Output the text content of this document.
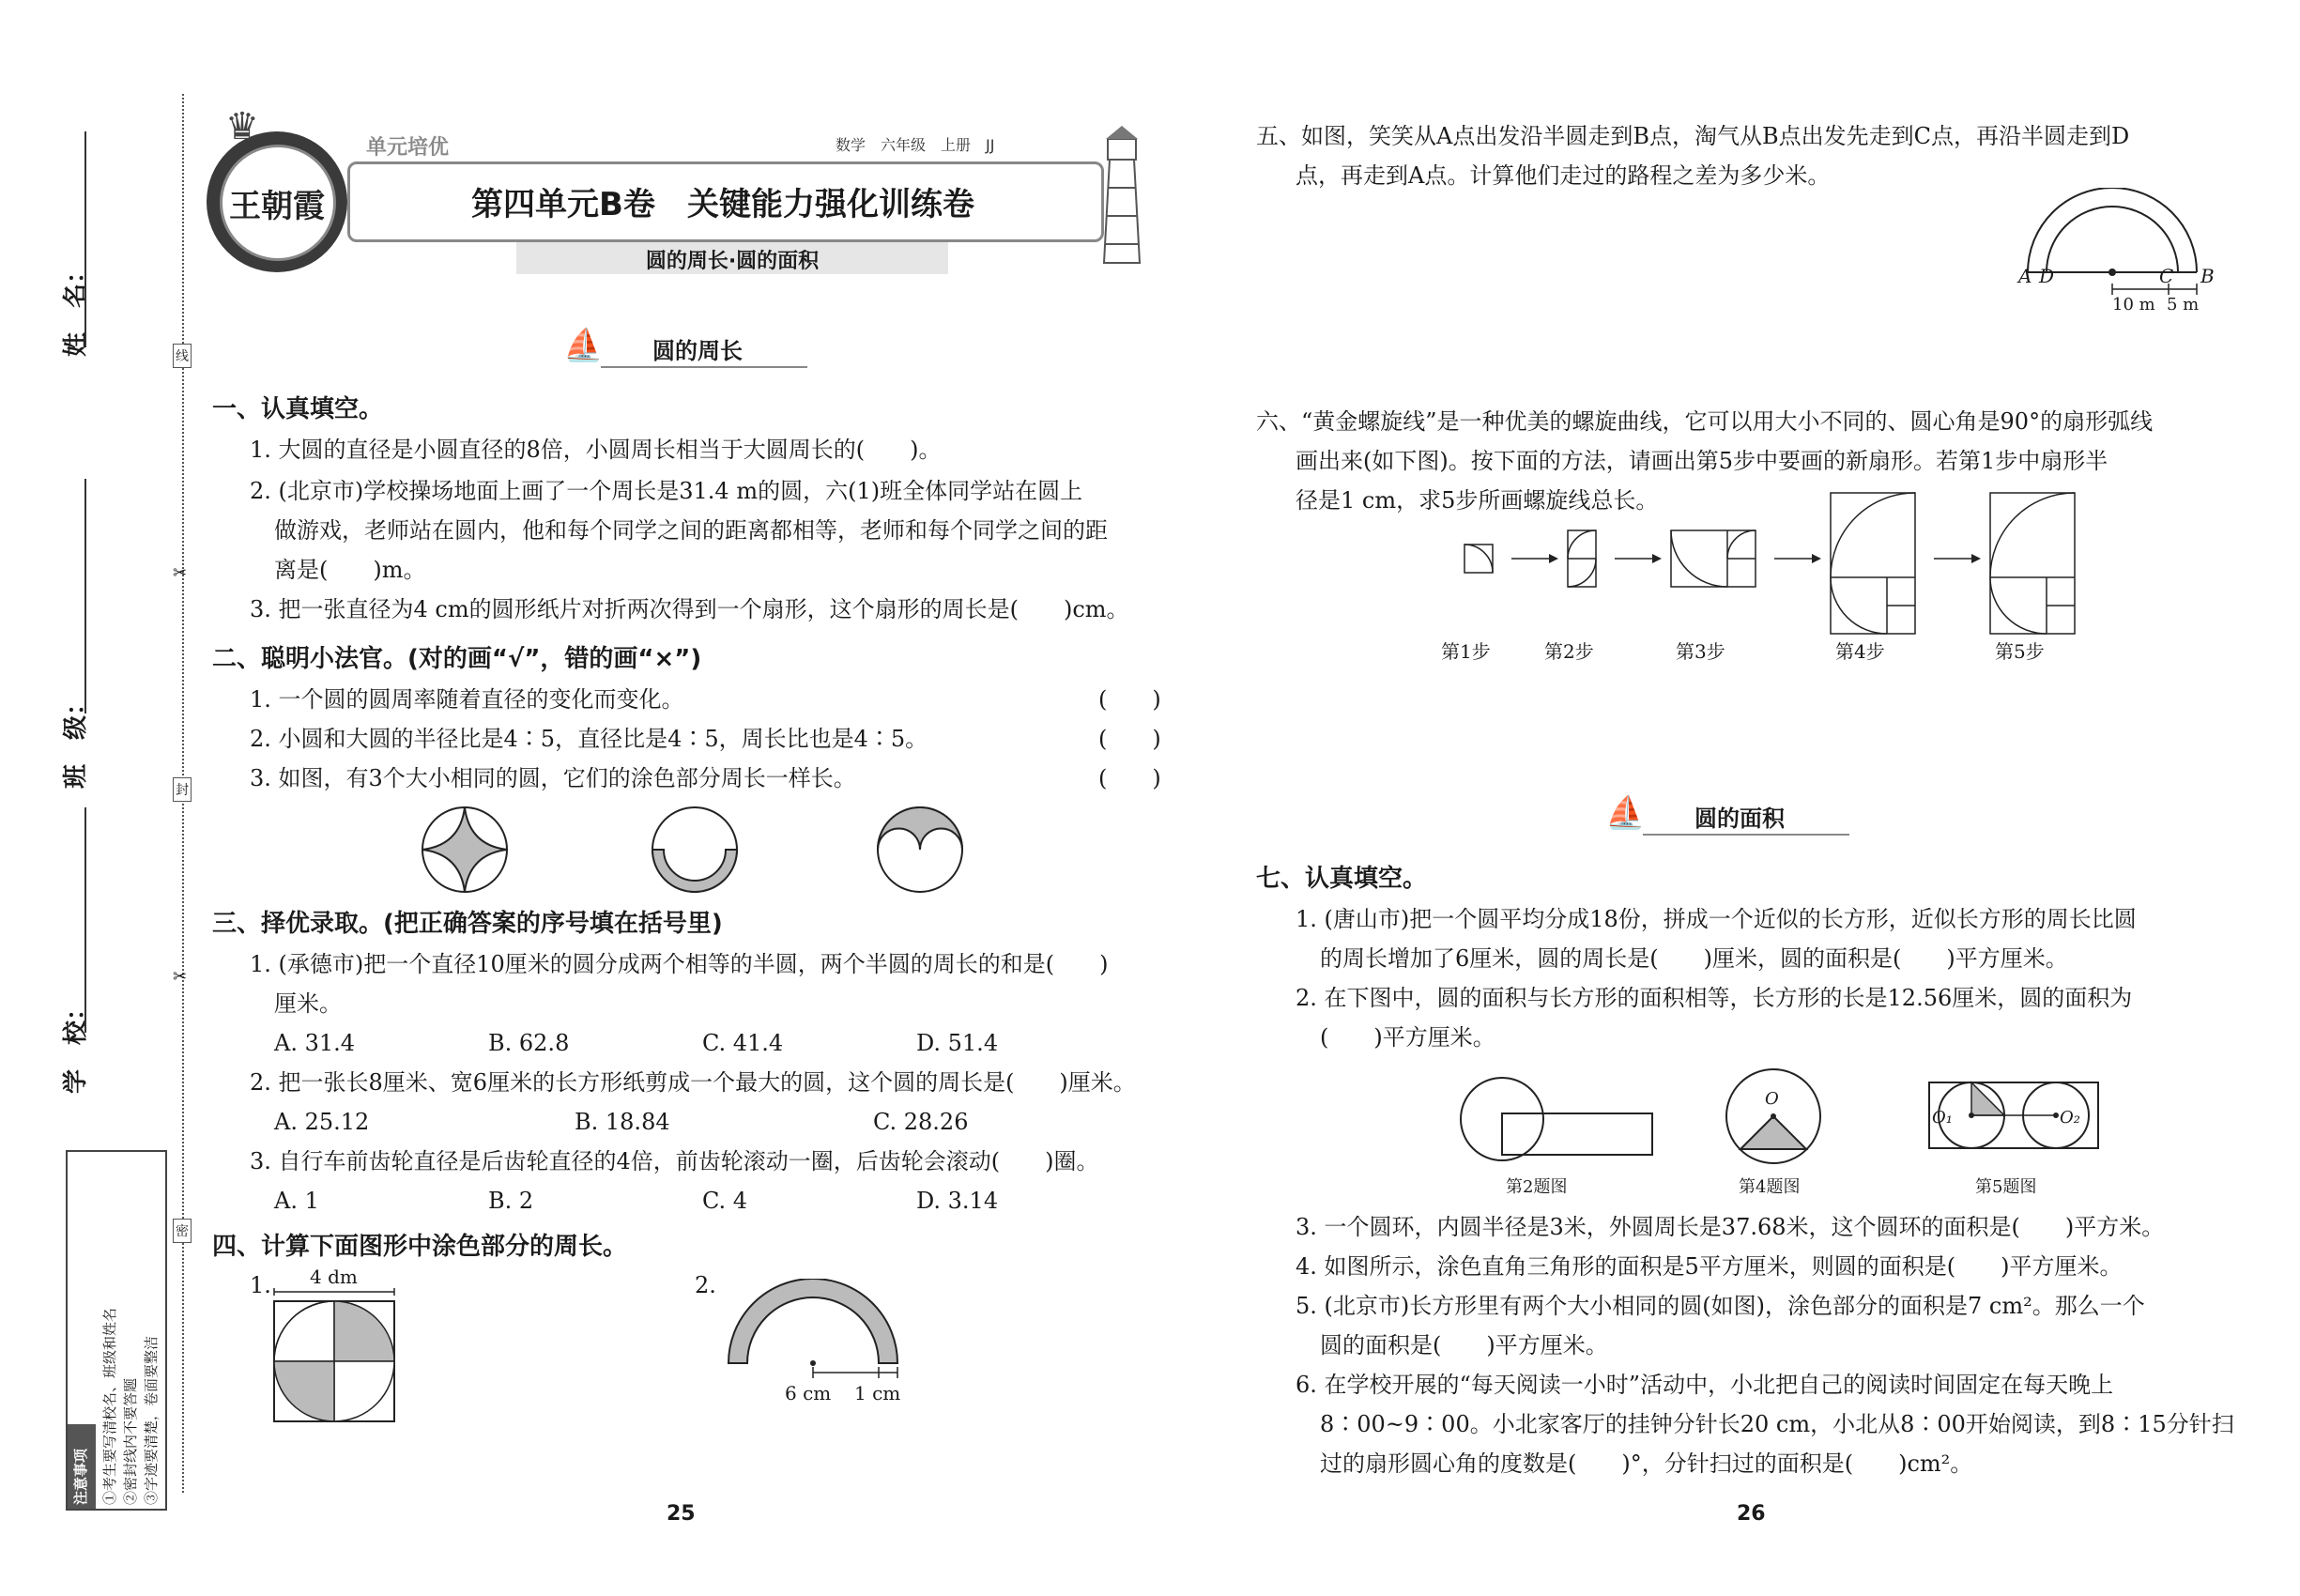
姓　名：
班　级：
学　校：
线
封
密
✂
✂
注意事项 ①考生要写清校名、班级和姓名 ②密封线内不要答题 ③字迹要清楚，卷面要整洁
王朝霞
♛	单元培优	数学　六年级　上册　JJ
第四单元B卷　关键能力强化训练卷
圆的周长·圆的面积
⛵ 圆的周长
一、认真填空。
1. 大圆的直径是小圆直径的8倍，小圆周长相当于大圆周长的(　　)。
2. (北京市)学校操场地面上画了一个周长是31.4 m的圆，六(1)班全体同学站在圆上
做游戏，老师站在圆内，他和每个同学之间的距离都相等，老师和每个同学之间的距
离是(　　)m。
3. 把一张直径为4 cm的圆形纸片对折两次得到一个扇形，这个扇形的周长是(　　)cm。
二、聪明小法官。(对的画“√”，错的画“×”)
1. 一个圆的圆周率随着直径的变化而变化。	(　　)
2. 小圆和大圆的半径比是4∶5，直径比是4∶5，周长比也是4∶5。	(　　)
3. 如图，有3个大小相同的圆，它们的涂色部分周长一样长。	(　　)
三、择优录取。(把正确答案的序号填在括号里)
1. (承德市)把一个直径10厘米的圆分成两个相等的半圆，两个半圆的周长的和是(　　)
厘米。
A. 31.4	B. 62.8	C. 41.4	D. 51.4
2. 把一张长8厘米、宽6厘米的长方形纸剪成一个最大的圆，这个圆的周长是(　　)厘米。
A. 25.12	B. 18.84	C. 28.26
3. 自行车前齿轮直径是后齿轮直径的4倍，前齿轮滚动一圈，后齿轮会滚动(　　)圈。
A. 1	B. 2	C. 4	D. 3.14
四、计算下面图形中涂色部分的周长。
1.	2.
4 dm
6 cm 1 cm
25
五、如图，笑笑从A点出发沿半圆走到B点，淘气从B点出发先走到C点，再沿半圆走到D
点，再走到A点。计算他们走过的路程之差为多少米。
A D	C B
10 m 5 m
六、“黄金螺旋线”是一种优美的螺旋曲线，它可以用大小不同的、圆心角是90°的扇形弧线
画出来(如下图)。按下面的方法，请画出第5步中要画的新扇形。若第1步中扇形半
径是1 cm，求5步所画螺旋线总长。
第1步	第2步	第3步	第4步	第5步
⛵ 圆的面积
七、认真填空。
1. (唐山市)把一个圆平均分成18份，拼成一个近似的长方形，近似长方形的周长比圆
的周长增加了6厘米，圆的周长是(　　)厘米，圆的面积是(　　)平方厘米。
2. 在下图中，圆的面积与长方形的面积相等，长方形的长是12.56厘米，圆的面积为
(　　)平方厘米。
O
O₁	O₂
第2题图	第4题图	第5题图
3. 一个圆环，内圆半径是3米，外圆周长是37.68米，这个圆环的面积是(　　)平方米。
4. 如图所示，涂色直角三角形的面积是5平方厘米，则圆的面积是(　　)平方厘米。
5. (北京市)长方形里有两个大小相同的圆(如图)，涂色部分的面积是7 cm²。那么一个
圆的面积是(　　)平方厘米。
6. 在学校开展的“每天阅读一小时”活动中，小北把自己的阅读时间固定在每天晚上
8∶00~9∶00。小北家客厅的挂钟分针长20 cm，小北从8∶00开始阅读，到8∶15分针扫
过的扇形圆心角的度数是(　　)°，分针扫过的面积是(　　)cm²。
26
